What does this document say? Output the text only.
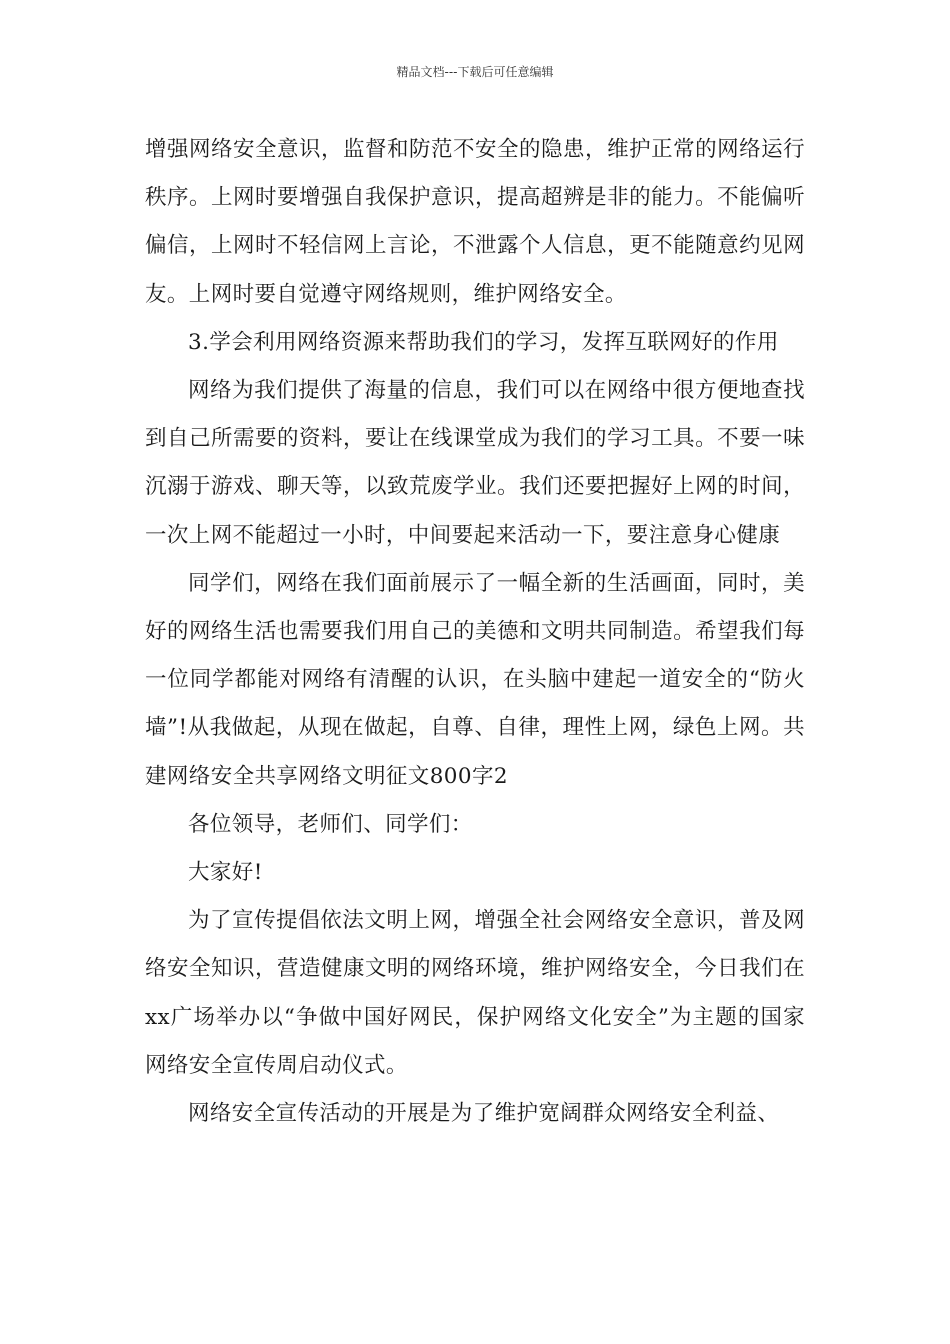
精品文档---下载后可任意编辑

增强网络安全意识，监督和防范不安全的隐患，维护正常的网络运行秩序。上网时要增强自我保护意识，提高超辨是非的能力。不能偏听偏信，上网时不轻信网上言论，不泄露个人信息，更不能随意约见网友。上网时要自觉遵守网络规则，维护网络安全。

3.学会利用网络资源来帮助我们的学习，发挥互联网好的作用

网络为我们提供了海量的信息，我们可以在网络中很方便地查找到自己所需要的资料，要让在线课堂成为我们的学习工具。不要一味沉溺于游戏、聊天等，以致荒废学业。我们还要把握好上网的时间，一次上网不能超过一小时，中间要起来活动一下，要注意身心健康

同学们，网络在我们面前展示了一幅全新的生活画面，同时，美好的网络生活也需要我们用自己的美德和文明共同制造。希望我们每一位同学都能对网络有清醒的认识，在头脑中建起一道安全的“防火墙”!从我做起，从现在做起，自尊、自律，理性上网，绿色上网。共建网络安全共享网络文明征文800字2

各位领导，老师们、同学们：

大家好!

为了宣传提倡依法文明上网，增强全社会网络安全意识，普及网络安全知识，营造健康文明的网络环境，维护网络安全，今日我们在xx广场举办以“争做中国好网民，保护网络文化安全”为主题的国家网络安全宣传周启动仪式。

网络安全宣传活动的开展是为了维护宽阔群众网络安全利益、
